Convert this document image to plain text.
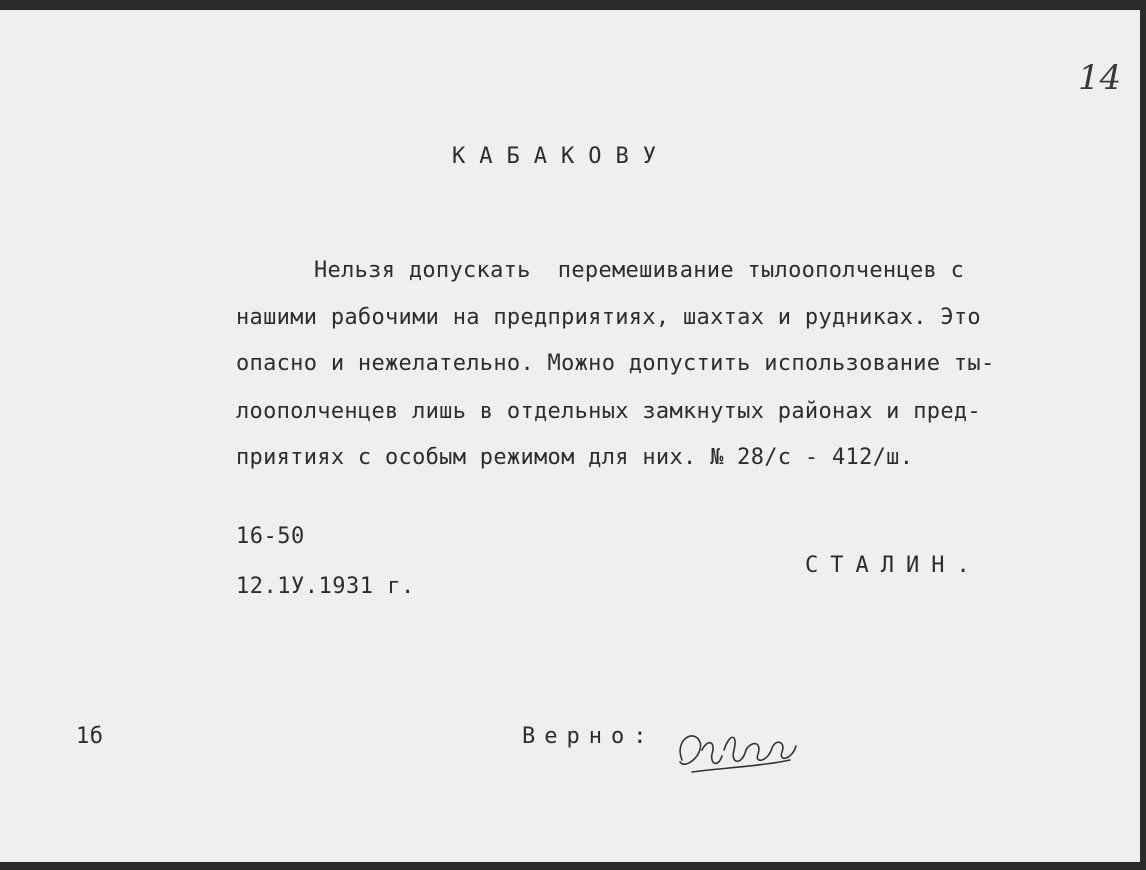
14
КАБАКОВУ
Нельзя допускать  перемешивание тылоополченцев с
нашими рабочими на предприятиях, шахтах и рудниках. Это
опасно и нежелательно. Можно допустить использование ты-
лоополченцев лишь в отдельных замкнутых районах и пред-
приятиях с особым режимом для них. № 28/с - 412/ш.
16-50
12.1У.1931 г.
СТАЛИН.
1б	Верно:
